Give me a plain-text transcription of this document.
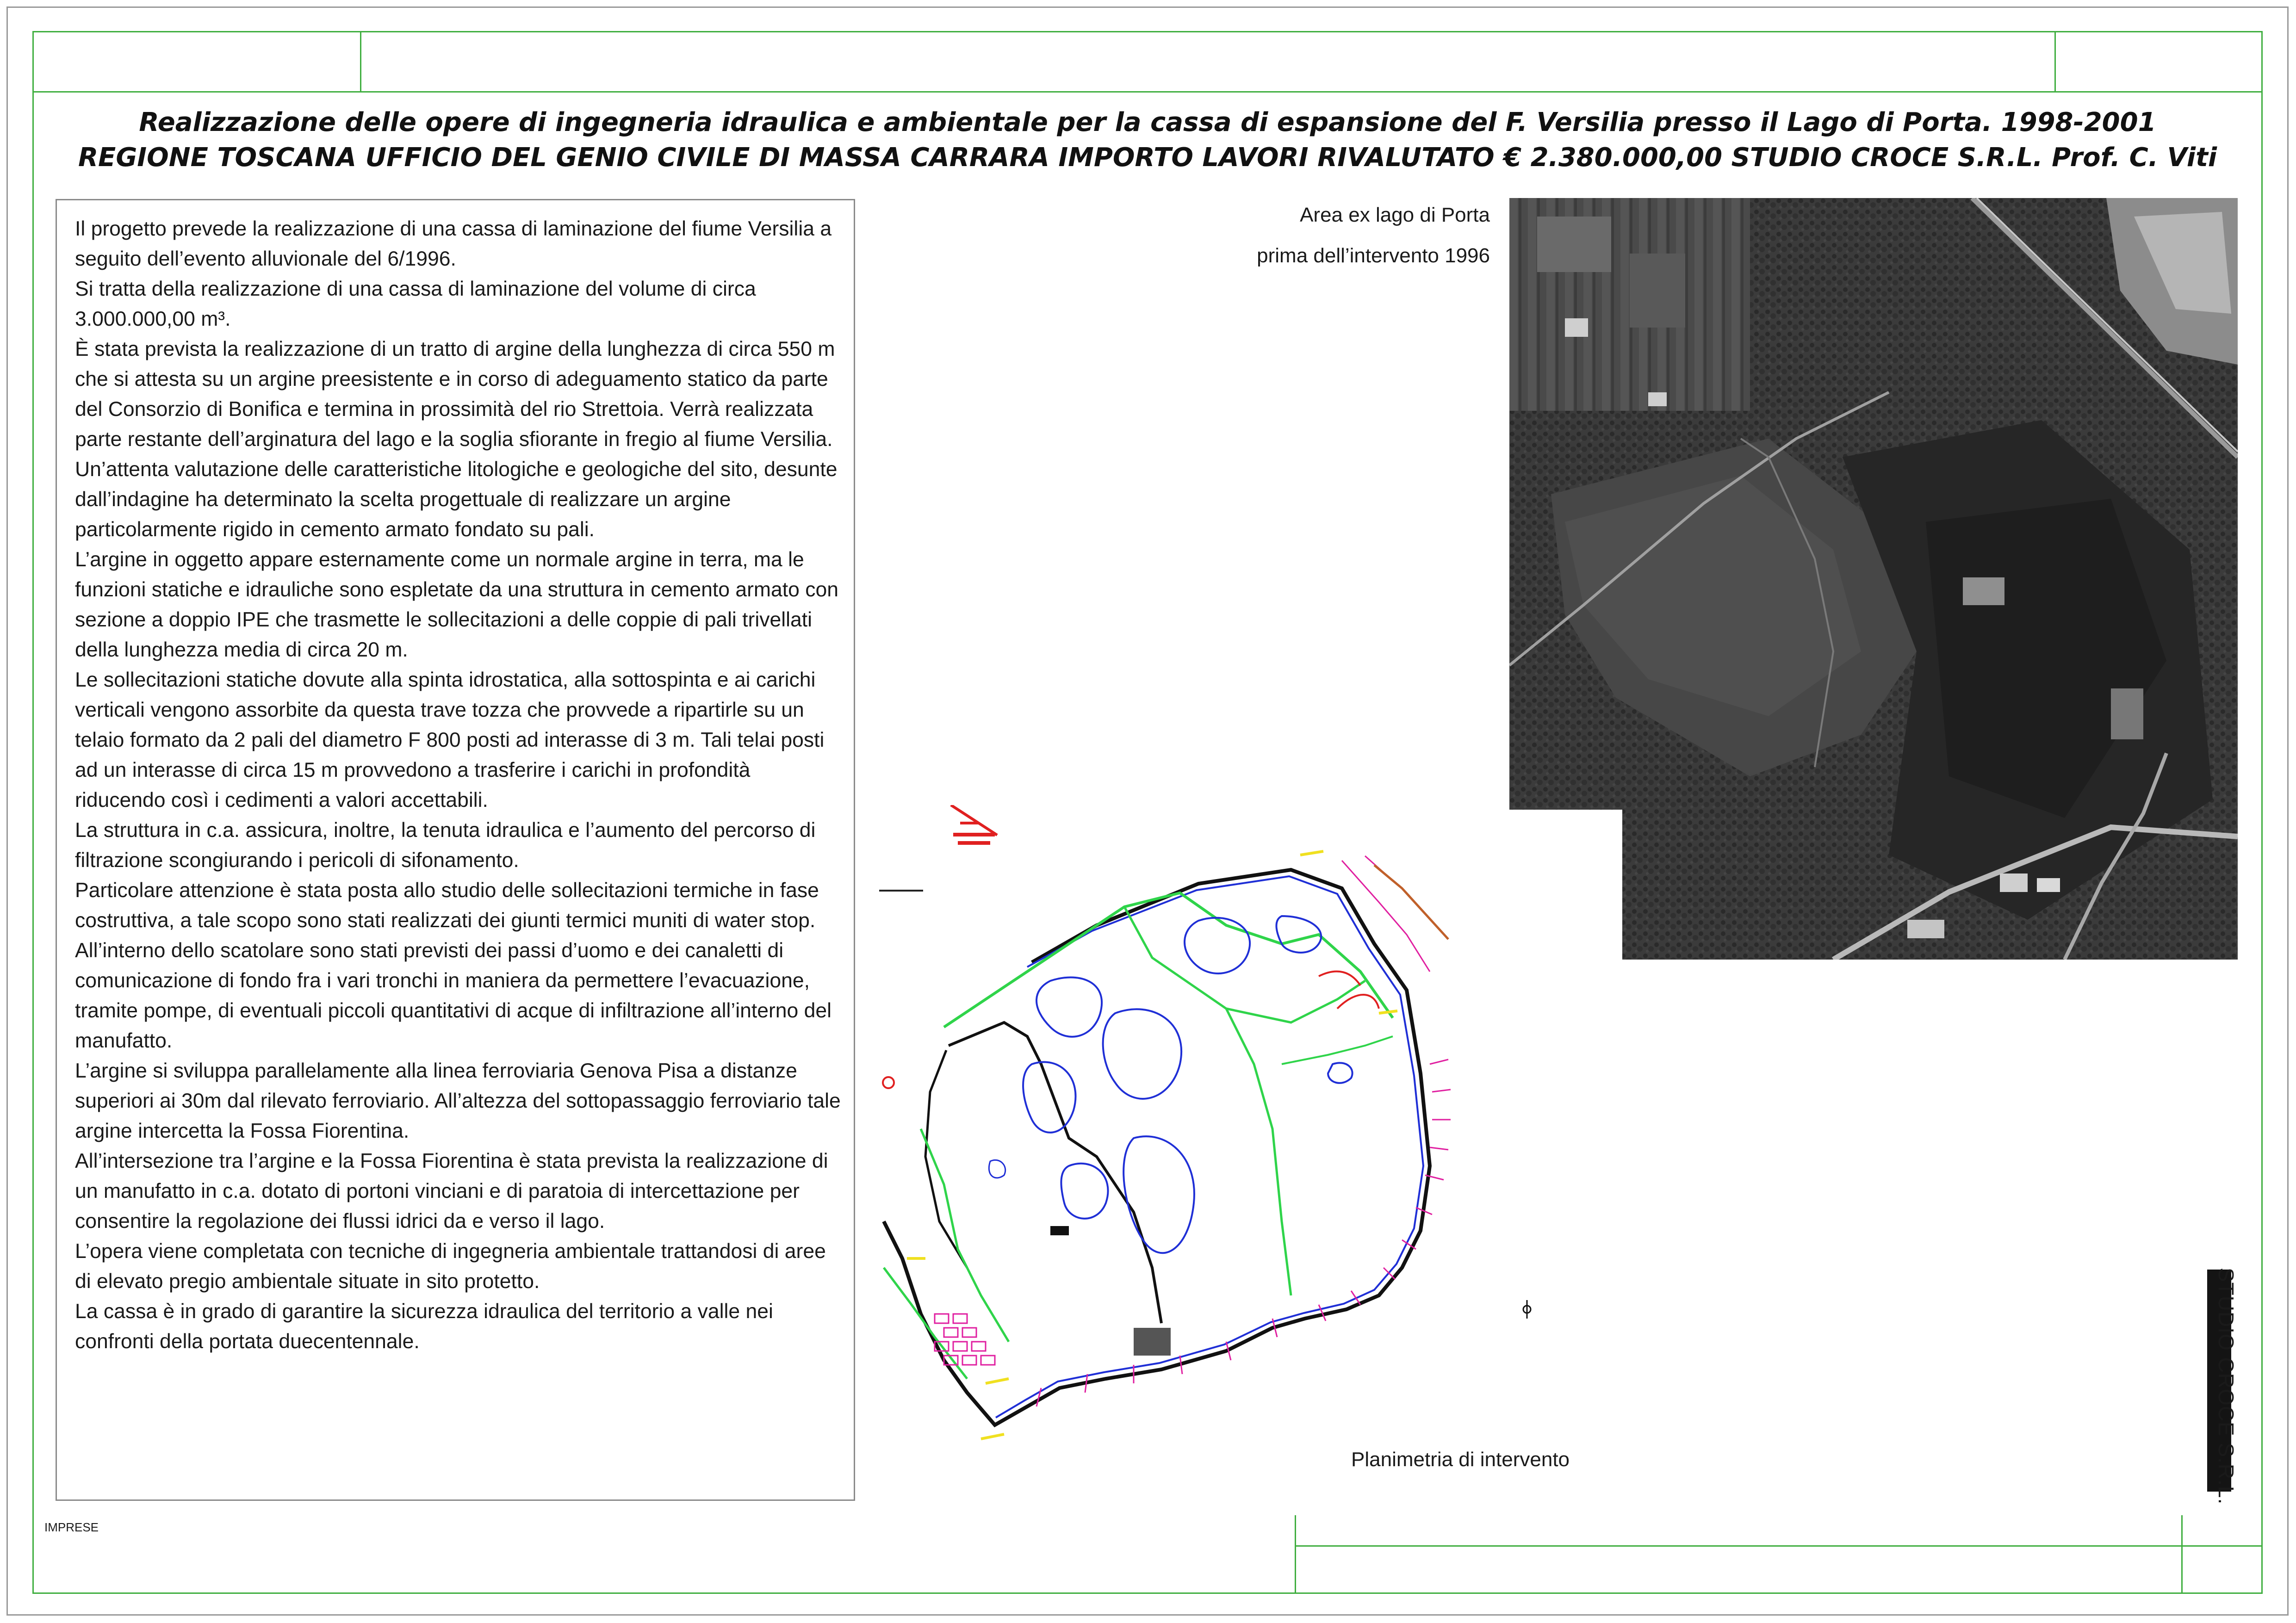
Realizzazione delle opere di ingegneria idraulica e ambientale per la cassa di espansione del F. Versilia presso il Lago di Porta. 1998-2001
REGIONE TOSCANA UFFICIO DEL GENIO CIVILE DI MASSA CARRARA IMPORTO LAVORI RIVALUTATO € 2.380.000,00 STUDIO CROCE S.R.L. Prof. C. Viti

Il progetto prevede la realizzazione di una cassa di laminazione del fiume Versilia a seguito dell’evento alluvionale del 6/1996.

Si tratta della realizzazione di una cassa di laminazione del volume di circa 3.000.000,00 m³.

È stata prevista la realizzazione di un tratto di argine della lunghezza di circa 550 m che si attesta su un argine preesistente e in corso di adeguamento statico da parte del Consorzio di Bonifica e termina in prossimità del rio Strettoia. Verrà realizzata parte restante dell’arginatura del lago e la soglia sfiorante in fregio al fiume Versilia.

Un’attenta valutazione delle caratteristiche litologiche e geologiche del sito, desunte dall’indagine ha determinato la scelta progettuale di realizzare un argine particolarmente rigido in cemento armato fondato su pali.

L’argine in oggetto appare esternamente come un normale argine in terra, ma le funzioni statiche e idrauliche sono espletate da una struttura in cemento armato con sezione a doppio IPE che trasmette le sollecitazioni a delle coppie di pali trivellati della lunghezza media di circa 20 m.

Le sollecitazioni statiche dovute alla spinta idrostatica, alla sottospinta e ai carichi verticali vengono assorbite da questa trave tozza che provvede a ripartirle su un telaio formato da 2 pali del diametro F 800 posti ad interasse di 3 m. Tali telai posti ad un interasse di circa 15 m provvedono a trasferire i carichi in profondità riducendo così i cedimenti a valori accettabili.

La struttura in c.a. assicura, inoltre, la tenuta idraulica e l’aumento del percorso di filtrazione scongiurando i pericoli di sifonamento.

Particolare attenzione è stata posta allo studio delle sollecitazioni termiche in fase costruttiva, a tale scopo sono stati realizzati dei giunti termici muniti di water stop.

All’interno dello scatolare sono stati previsti dei passi d’uomo e dei canaletti di comunicazione di fondo fra i vari tronchi in maniera da permettere l’evacuazione, tramite pompe, di eventuali piccoli quantitativi di acque di infiltrazione all’interno del manufatto.

L’argine si sviluppa parallelamente alla linea ferroviaria Genova Pisa a distanze superiori ai 30m dal rilevato ferroviario. All’altezza del sottopassaggio ferroviario tale argine intercetta la Fossa Fiorentina.

All’intersezione tra l’argine e la Fossa Fiorentina è stata prevista la realizzazione di un manufatto in c.a. dotato di portoni vinciani e di paratoia di intercettazione per consentire la regolazione dei flussi idrici da e verso il lago.

L’opera viene completata con tecniche di ingegneria ambientale trattandosi di aree di elevato pregio ambientale situate in sito protetto.

La cassa è in grado di garantire la sicurezza idraulica del territorio a valle nei confronti della portata duecentennale.

Area ex lago di Porta
prima dell’intervento 1996
Planimetria di intervento	STUDIO CROCE S.R.L.
IMPRESE
